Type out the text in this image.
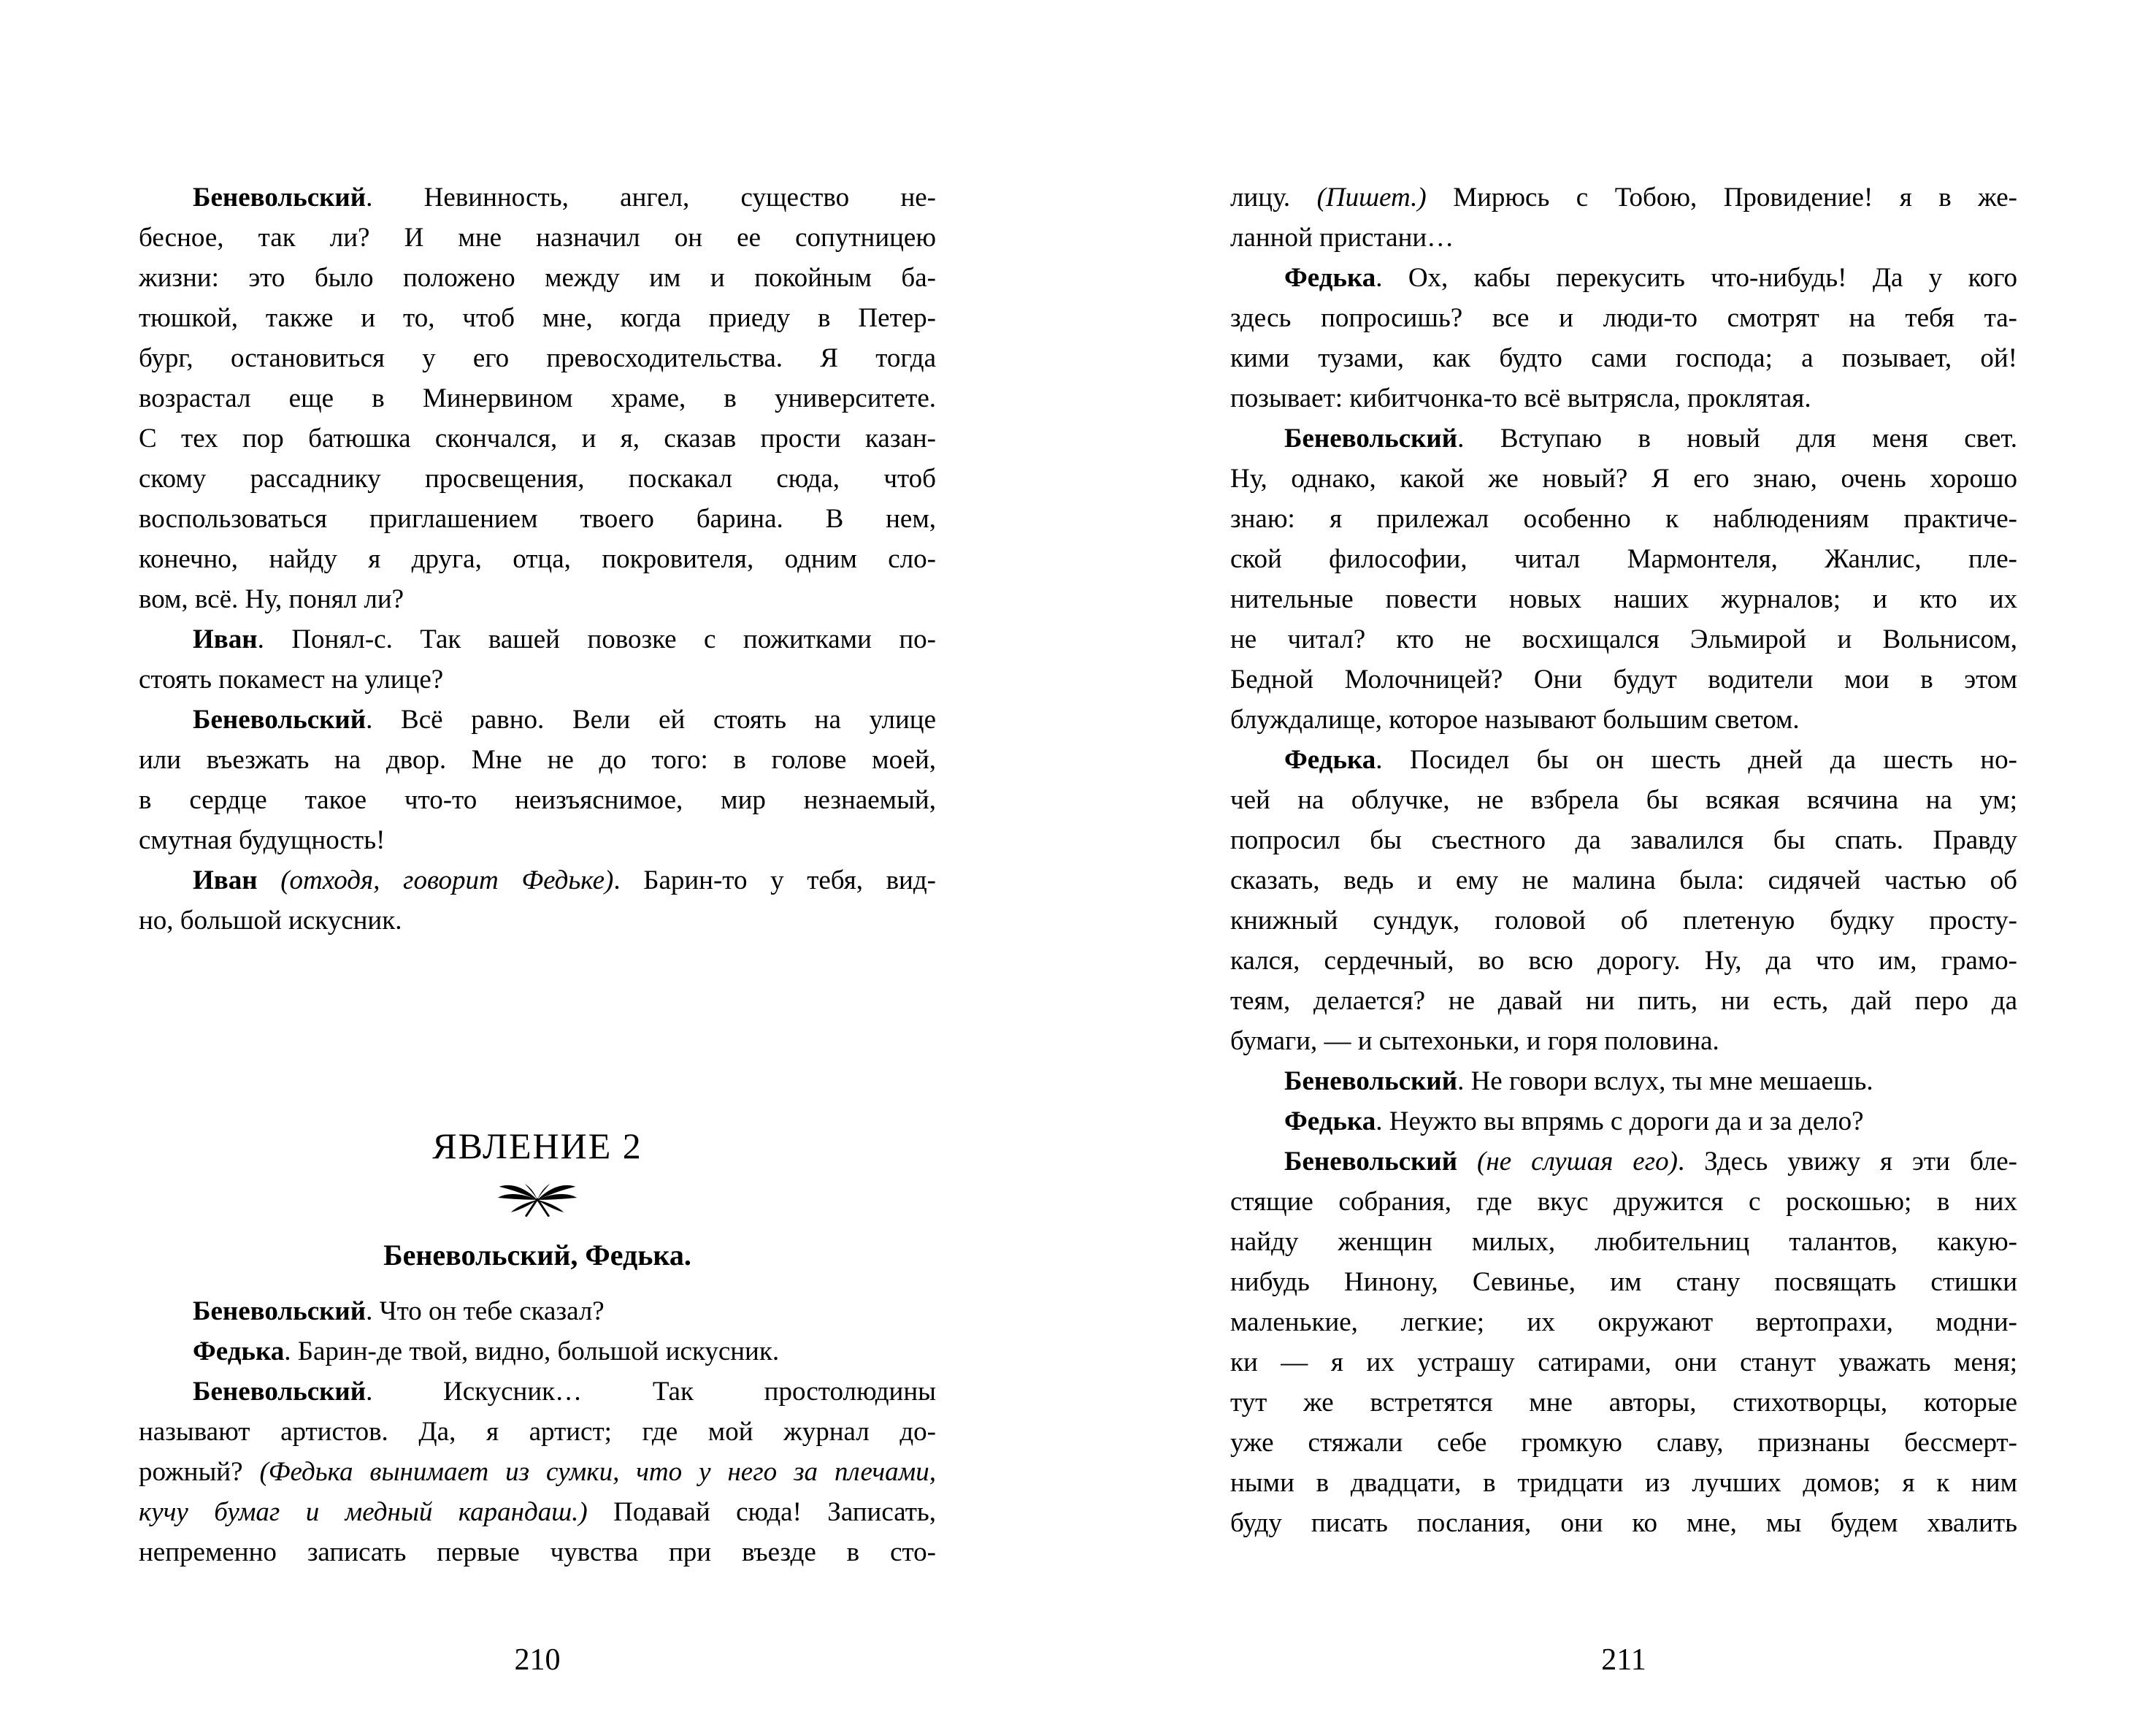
Беневольский. Невинность, ангел, существо не-
бесное, так ли? И мне назначил он ее сопутницею
жизни: это было положено между им и покойным ба-
тюшкой, также и то, чтоб мне, когда приеду в Петер-
бург, остановиться у его превосходительства. Я тогда
возрастал еще в Минервином храме, в университете.
С тех пор батюшка скончался, и я, сказав прости казан-
скому рассаднику просвещения, поскакал сюда, чтоб
воспользоваться приглашением твоего барина. В нем,
конечно, найду я друга, отца, покровителя, одним сло-
вом, всё. Ну, понял ли?
Иван. Понял-с. Так вашей повозке с пожитками по-
стоять покамест на улице?
Беневольский. Всё равно. Вели ей стоять на улице
или въезжать на двор. Мне не до того: в голове моей,
в сердце такое что-то неизъяснимое, мир незнаемый,
смутная будущность!
Иван (отходя, говорит Федьке). Барин-то у тебя, вид-
но, большой искусник.
ЯВЛЕНИЕ 2
Беневольский, Федька.
Беневольский. Что он тебе сказал?
Федька. Барин-де твой, видно, большой искусник.
Беневольский. Искусник… Так простолюдины
называют артистов. Да, я артист; где мой журнал до-
рожный? (Федька вынимает из сумки, что у него за плечами,
кучу бумаг и медный карандаш.) Подавай сюда! Записать,
непременно записать первые чувства при въезде в сто-
лицу. (Пишет.) Мирюсь с Тобою, Провидение! я в же-
ланной пристани…
Федька. Ох, кабы перекусить что-нибудь! Да у кого
здесь попросишь? все и люди-то смотрят на тебя та-
кими тузами, как будто сами господа; а позывает, ой!
позывает: кибитчонка-то всё вытрясла, проклятая.
Беневольский. Вступаю в новый для меня свет.
Ну, однако, какой же новый? Я его знаю, очень хорошо
знаю: я прилежал особенно к наблюдениям практиче-
ской философии, читал Мармонтеля, Жанлис, пле-
нительные повести новых наших журналов; и кто их
не читал? кто не восхищался Эльмирой и Вольнисом,
Бедной Молочницей? Они будут водители мои в этом
блуждалище, которое называют большим светом.
Федька. Посидел бы он шесть дней да шесть но-
чей на облучке, не взбрела бы всякая всячина на ум;
попросил бы съестного да завалился бы спать. Правду
сказать, ведь и ему не малина была: сидячей частью об
книжный сундук, головой об плетеную будку просту-
кался, сердечный, во всю дорогу. Ну, да что им, грамо-
теям, делается? не давай ни пить, ни есть, дай перо да
бумаги, — и сытехоньки, и горя половина.
Беневольский. Не говори вслух, ты мне мешаешь.
Федька. Неужто вы впрямь с дороги да и за дело?
Беневольский (не слушая его). Здесь увижу я эти бле-
стящие собрания, где вкус дружится с роскошью; в них
найду женщин милых, любительниц талантов, какую-
нибудь Нинону, Севинье, им стану посвящать стишки
маленькие, легкие; их окружают вертопрахи, модни-
ки — я их устрашу сатирами, они станут уважать меня;
тут же встретятся мне авторы, стихотворцы, которые
уже стяжали себе громкую славу, признаны бессмерт-
ными в двадцати, в тридцати из лучших домов; я к ним
буду писать послания, они ко мне, мы будем хвалить
210	211
